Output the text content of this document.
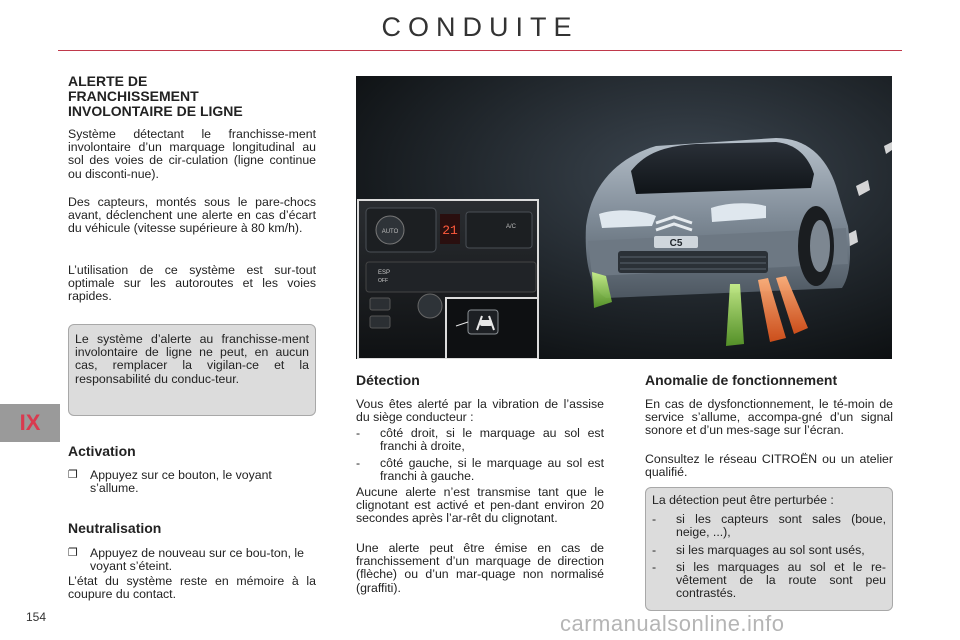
CONDUITE
IX
154
ALERTE DE
FRANCHISSEMENT
INVOLONTAIRE DE LIGNE

Système détectant le franchisse-ment involontaire d’un marquage longitudinal au sol des voies de cir-culation (ligne continue ou disconti-nue).

Des capteurs, montés sous le pare-chocs avant, déclenchent une alerte en cas d’écart du véhicule (vitesse supérieure à 80 km/h).

L’utilisation de ce système est sur-tout optimale sur les autoroutes et les voies rapides.

Le système d’alerte au franchisse-ment involontaire de ligne ne peut, en aucun cas, remplacer la vigilan-ce et la responsabilité du conduc-teur.
Activation
❐ Appuyez sur ce bouton, le voyant s’allume.
Neutralisation
❐ Appuyez de nouveau sur ce bou-ton, le voyant s’éteint.

L’état du système reste en mémoire à la coupure du contact.

C5
AUTO	21	A/C
ESP
OFF
Détection

Vous êtes alerté par la vibration de l’assise du siège conducteur :

-	côté droit, si le marquage au sol est franchi à droite,
-	côté gauche, si le marquage au sol est franchi à gauche.

Aucune alerte n’est transmise tant que le clignotant est activé et pen-dant environ 20 secondes après l’ar-rêt du clignotant.

Une alerte peut être émise en cas de franchissement d’un marquage de direction (flèche) ou d’un mar-quage non normalisé (graffiti).

Anomalie de fonctionnement

En cas de dysfonctionnement, le té-moin de service s’allume, accompa-gné d’un signal sonore et d’un mes-sage sur l’écran.

Consultez le réseau CITROËN ou un atelier qualifié.

La détection peut être perturbée :
-	si les capteurs sont sales (boue, neige, ...),
-	si les marquages au sol sont usés,
-	si les marquages au sol et le re-vêtement de la route sont peu contrastés.
carmanualsonline.info
